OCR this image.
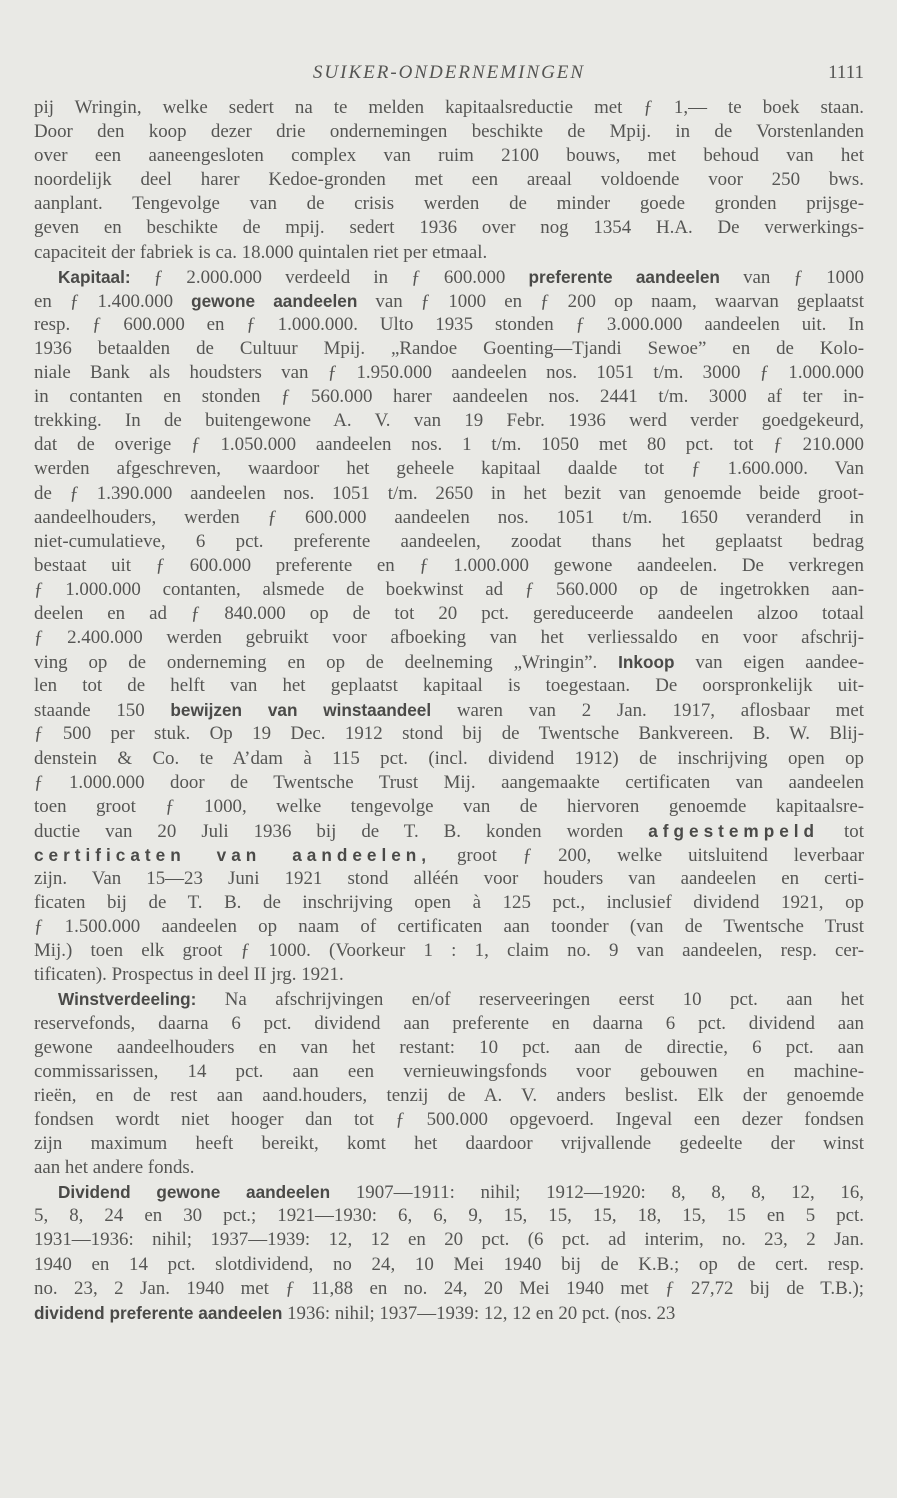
SUIKER-ONDERNEMINGEN	1111
pij Wringin, welke sedert na te melden kapitaalsreductie met ƒ 1,— te boek staan.
Door den koop dezer drie ondernemingen beschikte de Mpij. in de Vorstenlanden
over een aaneengesloten complex van ruim 2100 bouws, met behoud van het
noordelijk deel harer Kedoe-gronden met een areaal voldoende voor 250 bws.
aanplant. Tengevolge van de crisis werden de minder goede gronden prijsge-
geven en beschikte de mpij. sedert 1936 over nog 1354 H.A. De verwerkings-
capaciteit der fabriek is ca. 18.000 quintalen riet per etmaal.
Kapitaal: ƒ 2.000.000 verdeeld in ƒ 600.000 preferente aandeelen van ƒ 1000
en ƒ 1.400.000 gewone aandeelen van ƒ 1000 en ƒ 200 op naam, waarvan geplaatst
resp. ƒ 600.000 en ƒ 1.000.000. Ulto 1935 stonden ƒ 3.000.000 aandeelen uit. In
1936 betaalden de Cultuur Mpij. „Randoe Goenting—Tjandi Sewoe” en de Kolo-
niale Bank als houdsters van ƒ 1.950.000 aandeelen nos. 1051 t/m. 3000 ƒ 1.000.000
in contanten en stonden ƒ 560.000 harer aandeelen nos. 2441 t/m. 3000 af ter in-
trekking. In de buitengewone A. V. van 19 Febr. 1936 werd verder goedgekeurd,
dat de overige ƒ 1.050.000 aandeelen nos. 1 t/m. 1050 met 80 pct. tot ƒ 210.000
werden afgeschreven, waardoor het geheele kapitaal daalde tot ƒ 1.600.000. Van
de ƒ 1.390.000 aandeelen nos. 1051 t/m. 2650 in het bezit van genoemde beide groot-
aandeelhouders, werden ƒ 600.000 aandeelen nos. 1051 t/m. 1650 veranderd in
niet-cumulatieve, 6 pct. preferente aandeelen, zoodat thans het geplaatst bedrag
bestaat uit ƒ 600.000 preferente en ƒ 1.000.000 gewone aandeelen. De verkregen
ƒ 1.000.000 contanten, alsmede de boekwinst ad ƒ 560.000 op de ingetrokken aan-
deelen en ad ƒ 840.000 op de tot 20 pct. gereduceerde aandeelen alzoo totaal
ƒ 2.400.000 werden gebruikt voor afboeking van het verliessaldo en voor afschrij-
ving op de onderneming en op de deelneming „Wringin”. Inkoop van eigen aandee-
len tot de helft van het geplaatst kapitaal is toegestaan. De oorspronkelijk uit-
staande 150 bewijzen van winstaandeel waren van 2 Jan. 1917, aflosbaar met
ƒ 500 per stuk. Op 19 Dec. 1912 stond bij de Twentsche Bankvereen. B. W. Blij-
denstein & Co. te A’dam à 115 pct. (incl. dividend 1912) de inschrijving open op
ƒ 1.000.000 door de Twentsche Trust Mij. aangemaakte certificaten van aandeelen
toen groot ƒ 1000, welke tengevolge van de hiervoren genoemde kapitaalsre-
ductie van 20 Juli 1936 bij de T. B. konden worden afgestempeld tot
certificaten van aandeelen, groot ƒ 200, welke uitsluitend leverbaar
zijn. Van 15—23 Juni 1921 stond alléén voor houders van aandeelen en certi-
ficaten bij de T. B. de inschrijving open à 125 pct., inclusief dividend 1921, op
ƒ 1.500.000 aandeelen op naam of certificaten aan toonder (van de Twentsche Trust
Mij.) toen elk groot ƒ 1000. (Voorkeur 1 : 1, claim no. 9 van aandeelen, resp. cer-
tificaten). Prospectus in deel II jrg. 1921.
Winstverdeeling: Na afschrijvingen en/of reserveeringen eerst 10 pct. aan het
reservefonds, daarna 6 pct. dividend aan preferente en daarna 6 pct. dividend aan
gewone aandeelhouders en van het restant: 10 pct. aan de directie, 6 pct. aan
commissarissen, 14 pct. aan een vernieuwingsfonds voor gebouwen en machine-
rieën, en de rest aan aand.houders, tenzij de A. V. anders beslist. Elk der genoemde
fondsen wordt niet hooger dan tot ƒ 500.000 opgevoerd. Ingeval een dezer fondsen
zijn maximum heeft bereikt, komt het daardoor vrijvallende gedeelte der winst
aan het andere fonds.
Dividend gewone aandeelen 1907—1911: nihil; 1912—1920: 8, 8, 8, 12, 16,
5, 8, 24 en 30 pct.; 1921—1930: 6, 6, 9, 15, 15, 15, 18, 15, 15 en 5 pct.
1931—1936: nihil; 1937—1939: 12, 12 en 20 pct. (6 pct. ad interim, no. 23, 2 Jan.
1940 en 14 pct. slotdividend, no 24, 10 Mei 1940 bij de K.B.; op de cert. resp.
no. 23, 2 Jan. 1940 met ƒ 11,88 en no. 24, 20 Mei 1940 met ƒ 27,72 bij de T.B.);
dividend preferente aandeelen 1936: nihil; 1937—1939: 12, 12 en 20 pct. (nos. 23
